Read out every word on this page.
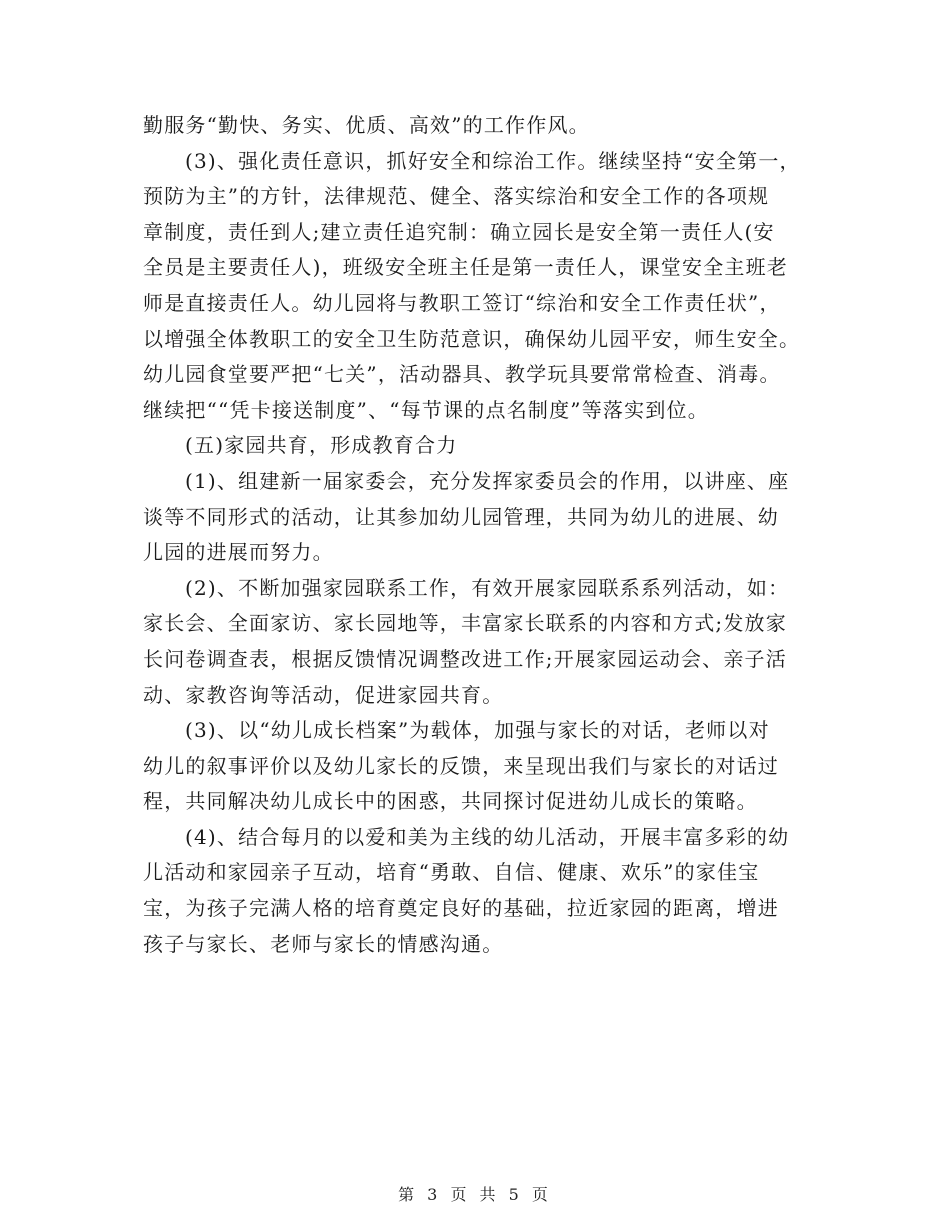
勤服务“勤快、务实、优质、高效”的工作作风。
(3)、强化责任意识，抓好安全和综治工作。继续坚持“安全第一，
预防为主”的方针，法律规范、健全、落实综治和安全工作的各项规
章制度，责任到人;建立责任追究制：确立园长是安全第一责任人(安
全员是主要责任人)，班级安全班主任是第一责任人，课堂安全主班老
师是直接责任人。幼儿园将与教职工签订“综治和安全工作责任状”，
以增强全体教职工的安全卫生防范意识，确保幼儿园平安，师生安全。
幼儿园食堂要严把“七关”，活动器具、教学玩具要常常检查、消毒。
继续把““凭卡接送制度”、“每节课的点名制度”等落实到位。
(五)家园共育，形成教育合力
(1)、组建新一届家委会，充分发挥家委员会的作用，以讲座、座
谈等不同形式的活动，让其参加幼儿园管理，共同为幼儿的进展、幼
儿园的进展而努力。
(2)、不断加强家园联系工作，有效开展家园联系系列活动，如：
家长会、全面家访、家长园地等，丰富家长联系的内容和方式;发放家
长问卷调查表，根据反馈情况调整改进工作;开展家园运动会、亲子活
动、家教咨询等活动，促进家园共育。
(3)、以“幼儿成长档案”为载体，加强与家长的对话，老师以对
幼儿的叙事评价以及幼儿家长的反馈，来呈现出我们与家长的对话过
程，共同解决幼儿成长中的困惑，共同探讨促进幼儿成长的策略。
(4)、结合每月的以爱和美为主线的幼儿活动，开展丰富多彩的幼
儿活动和家园亲子互动，培育“勇敢、自信、健康、欢乐”的家佳宝
宝，为孩子完满人格的培育奠定良好的基础，拉近家园的距离，增进
孩子与家长、老师与家长的情感沟通。
第 3 页 共 5 页
